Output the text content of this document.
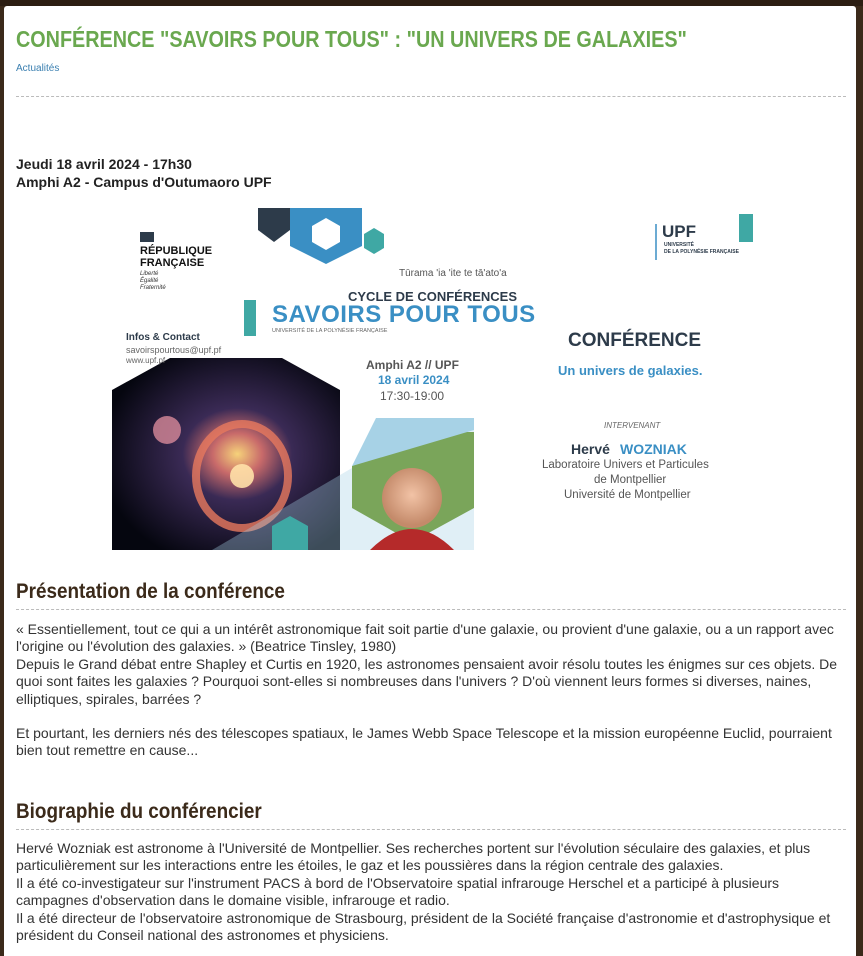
CONFÉRENCE "SAVOIRS POUR TOUS" : "UN UNIVERS DE GALAXIES"
Actualités
Jeudi 18 avril 2024 - 17h30
Amphi A2 - Campus d'Outumaoro UPF
RÉPUBLIQUE
FRANÇAISE
Liberté
Égalité
Fraternité
Tūrama 'ia 'ite te tā'ato'a
CYCLE DE CONFÉRENCES
SAVOIRS POUR TOUS
UNIVERSITÉ DE LA POLYNÉSIE FRANÇAISE
UPF
UNIVERSITÉ
DE LA POLYNÉSIE FRANÇAISE
Infos & Contact
savoirspourtous@upf.pf
www.upf.pf	Amphi A2 // UPF
18 avril 2024
17:30-19:00
CONFÉRENCE
Un univers de galaxies.
INTERVENANT
Hervé WOZNIAK
Laboratoire Univers et Particules
de Montpellier
Université de Montpellier
Présentation de la conférence

« Essentiellement, tout ce qui a un intérêt astronomique fait soit partie d'une galaxie, ou provient d'une galaxie, ou a un rapport avec l'origine ou l'évolution des galaxies. » (Beatrice Tinsley, 1980)

Depuis le Grand débat entre Shapley et Curtis en 1920, les astronomes pensaient avoir résolu toutes les énigmes sur ces objets. De quoi sont faites les galaxies ? Pourquoi sont-elles si nombreuses dans l'univers ? D'où viennent leurs formes si diverses, naines, elliptiques, spirales, barrées ?

Et pourtant, les derniers nés des télescopes spatiaux, le James Webb Space Telescope et la mission européenne Euclid, pourraient bien tout remettre en cause...

Biographie du conférencier

Hervé Wozniak est astronome à l'Université de Montpellier. Ses recherches portent sur l'évolution séculaire des galaxies, et plus particulièrement sur les interactions entre les étoiles, le gaz et les poussières dans la région centrale des galaxies.

Il a été co-investigateur sur l'instrument PACS à bord de l'Observatoire spatial infrarouge Herschel et a participé à plusieurs campagnes d'observation dans le domaine visible, infrarouge et radio.

Il a été directeur de l'observatoire astronomique de Strasbourg, président de la Société française d'astronomie et d'astrophysique et président du Conseil national des astronomes et physiciens.
